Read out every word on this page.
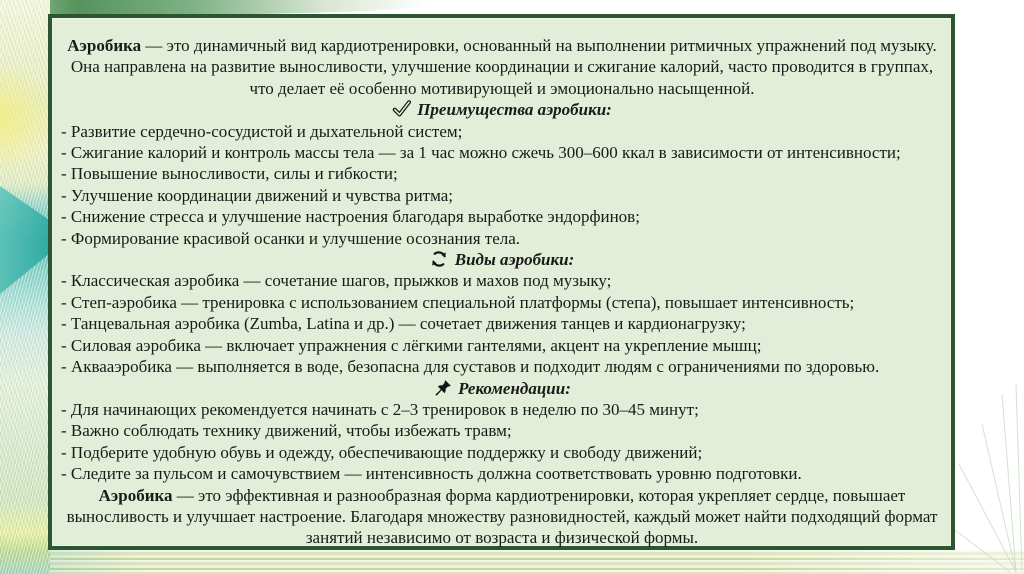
Аэробика — это динамичный вид кардиотренировки, основанный на выполнении ритмичных упражнений под музыку. Она направлена на развитие выносливости, улучшение координации и сжигание калорий, часто проводится в группах, что делает её особенно мотивирующей и эмоционально насыщенной.
Преимущества аэробики:
- Развитие сердечно-сосудистой и дыхательной систем;
- Сжигание калорий и контроль массы тела — за 1 час можно сжечь 300–600 ккал в зависимости от интенсивности;
- Повышение выносливости, силы и гибкости;
- Улучшение координации движений и чувства ритма;
- Снижение стресса и улучшение настроения благодаря выработке эндорфинов;
- Формирование красивой осанки и улучшение осознания тела.
Виды аэробики:
- Классическая аэробика — сочетание шагов, прыжков и махов под музыку;
- Степ-аэробика — тренировка с использованием специальной платформы (степа), повышает интенсивность;
- Танцевальная аэробика (Zumba, Latina и др.) — сочетает движения танцев и кардионагрузку;
- Силовая аэробика — включает упражнения с лёгкими гантелями, акцент на укрепление мышц;
- Аквааэробика — выполняется в воде, безопасна для суставов и подходит людям с ограничениями по здоровью.
Рекомендации:
- Для начинающих рекомендуется начинать с 2–3 тренировок в неделю по 30–45 минут;
- Важно соблюдать технику движений, чтобы избежать травм;
- Подберите удобную обувь и одежду, обеспечивающие поддержку и свободу движений;
- Следите за пульсом и самочувствием — интенсивность должна соответствовать уровню подготовки.
Аэробика — это эффективная и разнообразная форма кардиотренировки, которая укрепляет сердце, повышает выносливость и улучшает настроение. Благодаря множеству разновидностей, каждый может найти подходящий формат занятий независимо от возраста и физической формы.
